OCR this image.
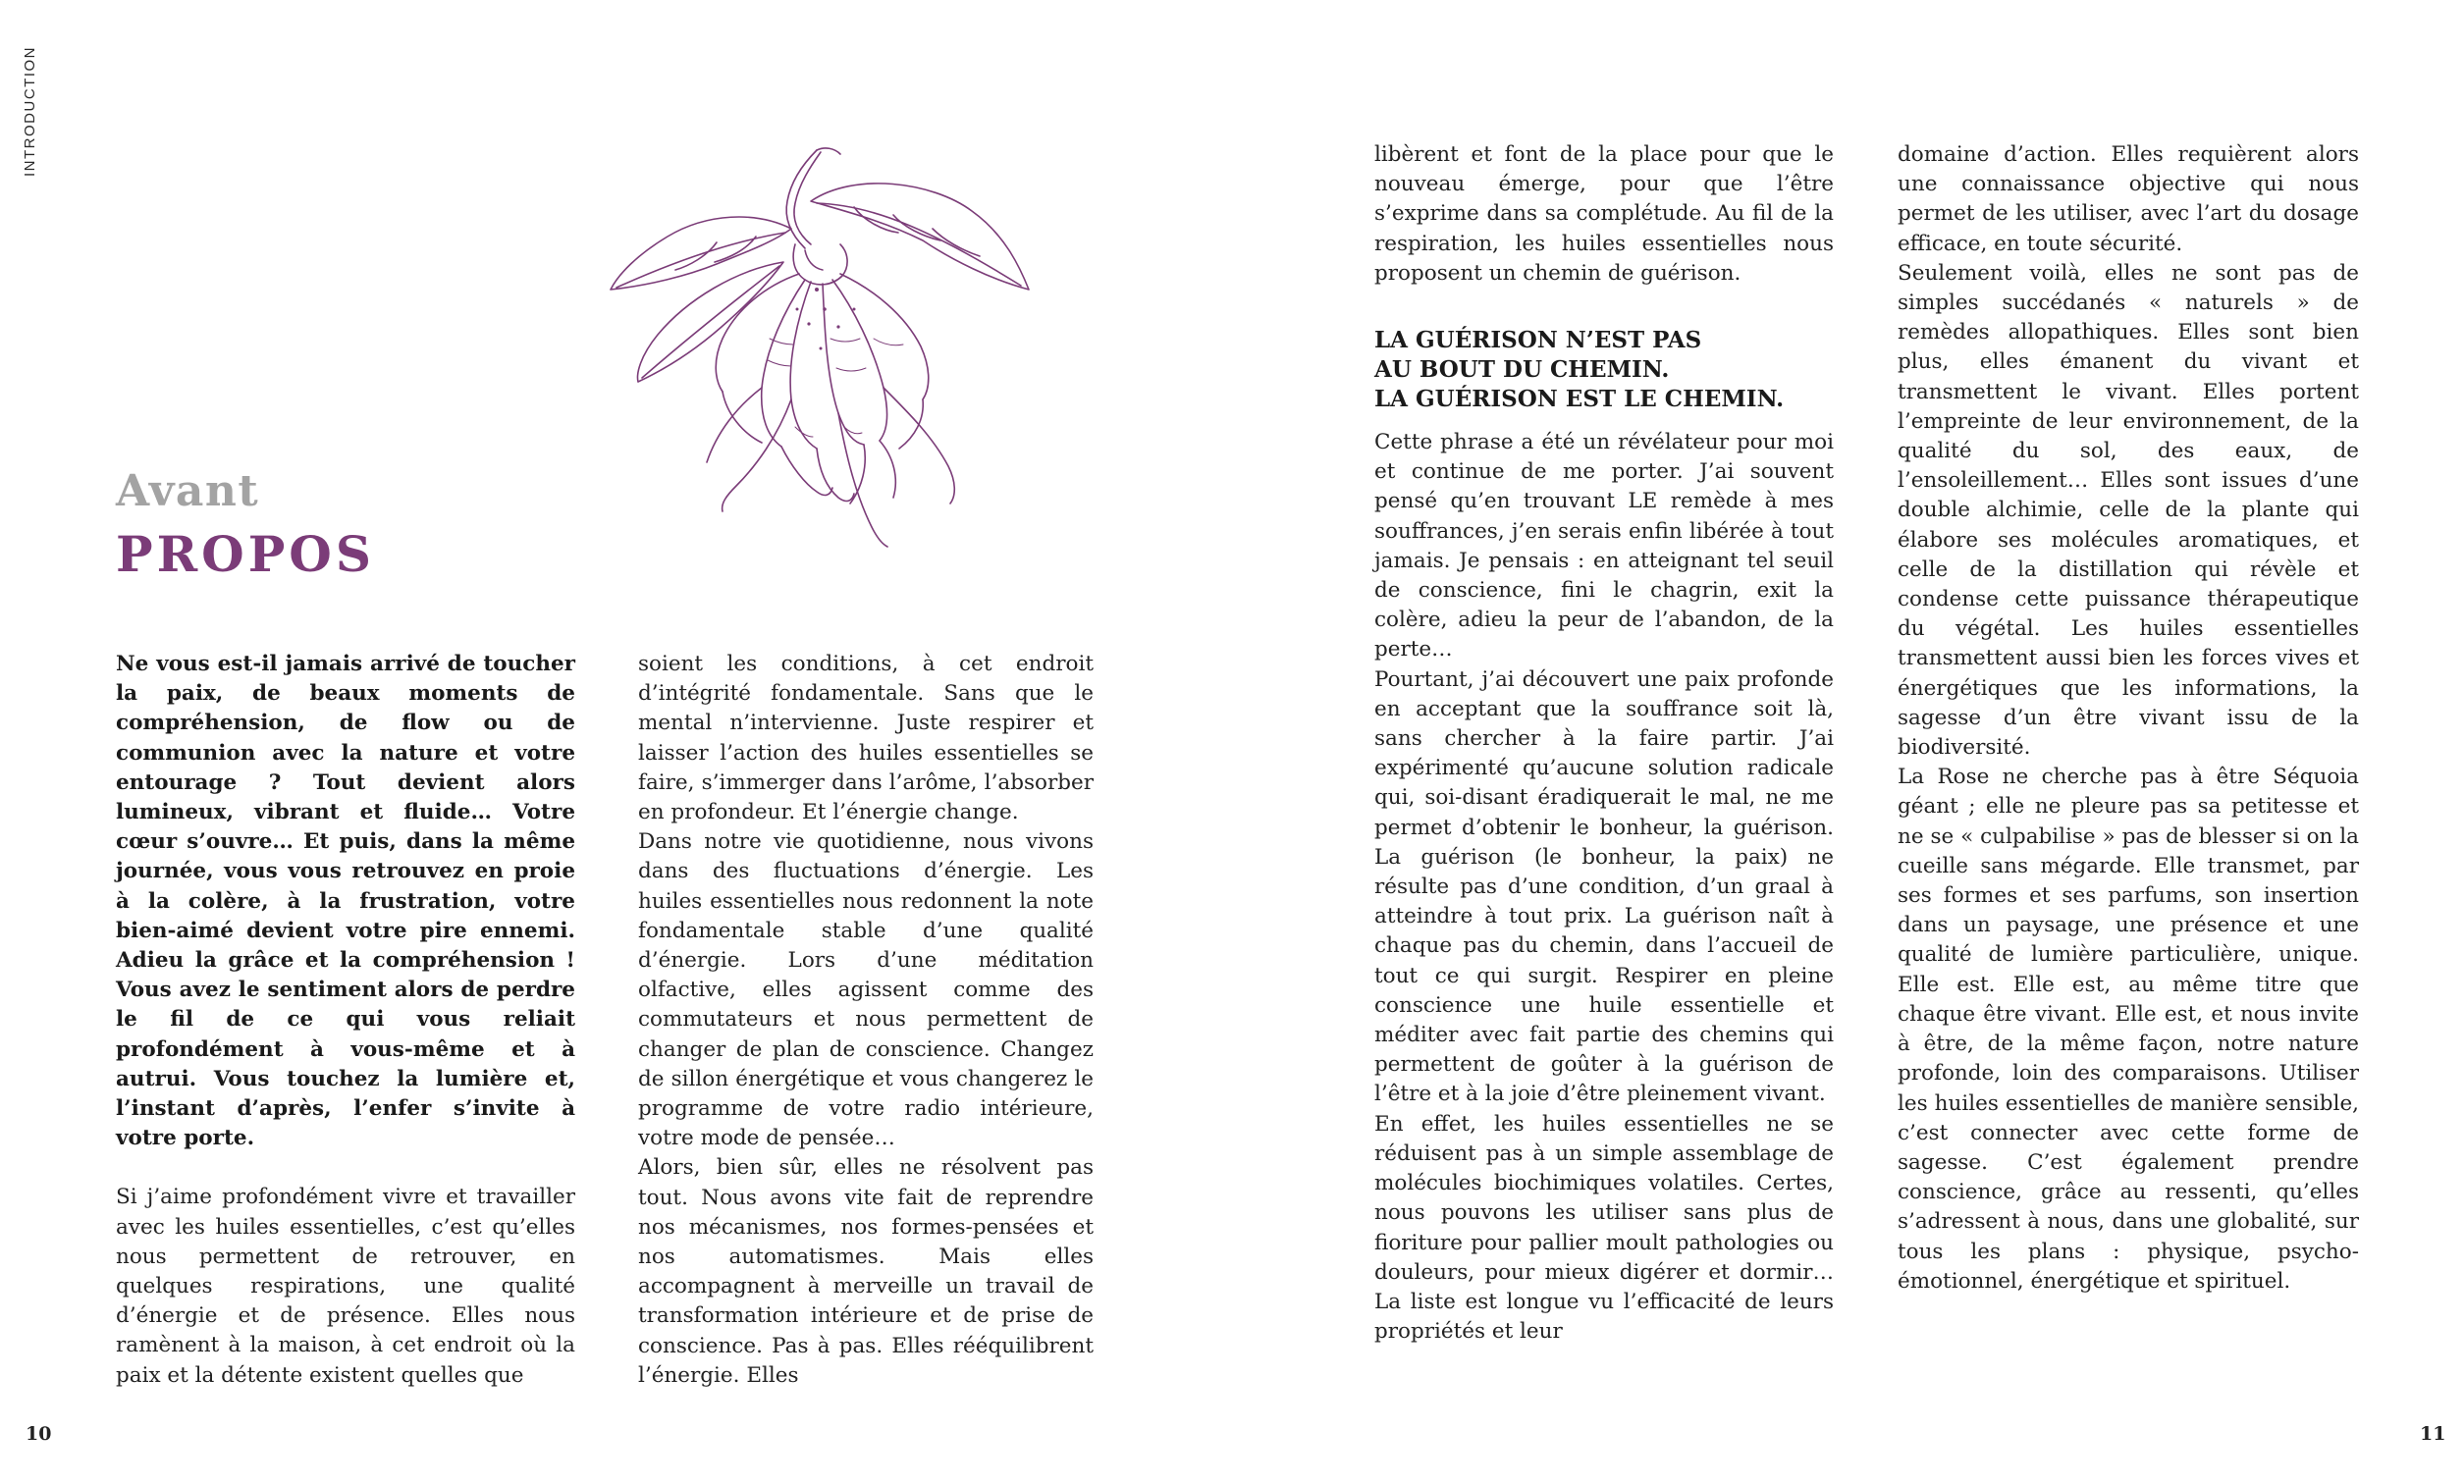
INTRODUCTION
Avant
PROPOS

Ne vous est-il jamais arrivé de toucher la paix, de beaux moments de compréhension, de flow ou de communion avec la nature et votre entourage ? Tout devient alors lumineux, vibrant et fluide… Votre cœur s’ouvre… Et puis, dans la même journée, vous vous retrouvez en proie à la colère, à la frustration, votre bien-aimé devient votre pire ennemi. Adieu la grâce et la compréhension ! Vous avez le sentiment alors de perdre le fil de ce qui vous reliait profondément à vous-même et à autrui. Vous touchez la lumière et, l’instant d’après, l’enfer s’invite à votre porte.

Si j’aime profondément vivre et travailler avec les huiles essentielles, c’est qu’elles nous permettent de retrouver, en quelques respirations, une qualité d’énergie et de présence. Elles nous ramènent à la maison, à cet endroit où la paix et la détente existent quelles que

soient les conditions, à cet endroit d’intégrité fondamentale. Sans que le mental n’intervienne. Juste respirer et laisser l’action des huiles essentielles se faire, s’immerger dans l’arôme, l’absorber en profondeur. Et l’énergie change.

Dans notre vie quotidienne, nous vivons dans des fluctuations d’énergie. Les huiles essentielles nous redonnent la note fondamentale stable d’une qualité d’énergie. Lors d’une méditation olfactive, elles agissent comme des commutateurs et nous permettent de changer de plan de conscience. Changez de sillon énergétique et vous changerez le programme de votre radio intérieure, votre mode de pensée…

Alors, bien sûr, elles ne résolvent pas tout. Nous avons vite fait de reprendre nos mécanismes, nos formes-pensées et nos automatismes. Mais elles accompagnent à merveille un travail de transformation intérieure et de prise de conscience. Pas à pas. Elles rééquilibrent l’énergie. Elles

libèrent et font de la place pour que le nouveau émerge, pour que l’être s’exprime dans sa complétude. Au fil de la respiration, les huiles essentielles nous proposent un chemin de guérison.

LA GUÉRISON N’EST PAS
AU BOUT DU CHEMIN.
LA GUÉRISON EST LE CHEMIN.

Cette phrase a été un révélateur pour moi et continue de me porter. J’ai souvent pensé qu’en trouvant LE remède à mes souffrances, j’en serais enfin libérée à tout jamais. Je pensais : en atteignant tel seuil de conscience, fini le chagrin, exit la colère, adieu la peur de l’abandon, de la perte…

Pourtant, j’ai découvert une paix profonde en acceptant que la souffrance soit là, sans chercher à la faire partir. J’ai expérimenté qu’aucune solution radicale qui, soi-disant éradiquerait le mal, ne me permet d’obtenir le bonheur, la guérison. La guérison (le bonheur, la paix) ne résulte pas d’une condition, d’un graal à atteindre à tout prix. La guérison naît à chaque pas du chemin, dans l’accueil de tout ce qui surgit. Respirer en pleine conscience une huile essentielle et méditer avec fait partie des chemins qui permettent de goûter à la guérison de l’être et à la joie d’être pleinement vivant.

En effet, les huiles essentielles ne se réduisent pas à un simple assemblage de molécules biochimiques volatiles. Certes, nous pouvons les utiliser sans plus de fioriture pour pallier moult pathologies ou douleurs, pour mieux digérer et dormir… La liste est longue vu l’efficacité de leurs propriétés et leur

domaine d’action. Elles requièrent alors une connaissance objective qui nous permet de les utiliser, avec l’art du dosage efficace, en toute sécurité.

Seulement voilà, elles ne sont pas de simples succédanés « naturels » de remèdes allopathiques. Elles sont bien plus, elles émanent du vivant et transmettent le vivant. Elles portent l’empreinte de leur environnement, de la qualité du sol, des eaux, de l’ensoleillement… Elles sont issues d’une double alchimie, celle de la plante qui élabore ses molécules aromatiques, et celle de la distillation qui révèle et condense cette puissance thérapeutique du végétal. Les huiles essentielles transmettent aussi bien les forces vives et énergétiques que les informations, la sagesse d’un être vivant issu de la biodiversité.

La Rose ne cherche pas à être Séquoia géant ; elle ne pleure pas sa petitesse et ne se « culpabilise » pas de blesser si on la cueille sans mégarde. Elle transmet, par ses formes et ses parfums, son insertion dans un paysage, une présence et une qualité de lumière particulière, unique. Elle est. Elle est, au même titre que chaque être vivant. Elle est, et nous invite à être, de la même façon, notre nature profonde, loin des comparaisons. Utiliser les huiles essentielles de manière sensible, c’est connecter avec cette forme de sagesse. C’est également prendre conscience, grâce au ressenti, qu’elles s’adressent à nous, dans une globalité, sur tous les plans : physique, psycho-émotionnel, énergétique et spirituel.

10	11
